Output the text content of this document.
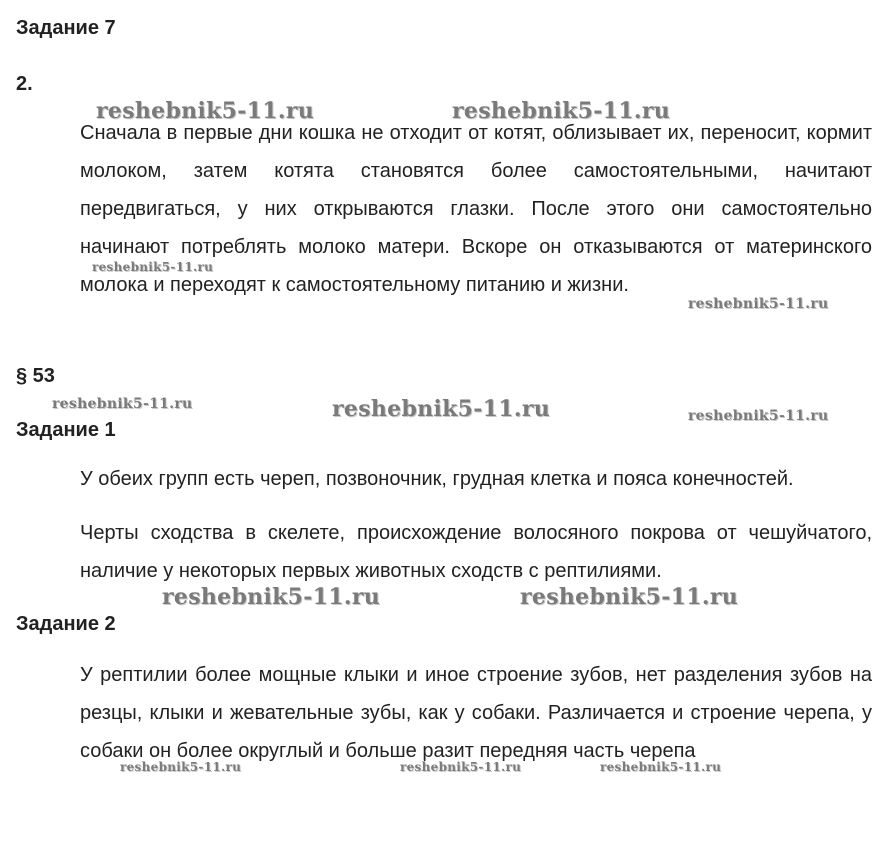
Задание 7
2.
§ 53
Задание 1
Задание 2

Сначала в первые дни кошка не отходит от котят, облизывает их, переносит, кормит молоком, затем котята становятся более самостоятельными, начитают передвигаться, у них открываются глазки. После этого они самостоятельно начинают потреблять молоко матери. Вскоре он отказываются от материнского молока и переходят к самостоятельному питанию и жизни.

У обеих групп есть череп, позвоночник, грудная клетка и пояса конечностей.

Черты сходства в скелете, происхождение волосяного покрова от чешуйчатого, наличие у некоторых первых животных сходств с рептилиями.

У рептилии более мощные клыки и иное строение зубов, нет разделения зубов на резцы, клыки и жевательные зубы, как у собаки. Различается и строение черепа, у собаки он более округлый и больше разит передняя часть черепа

reshebnik5-11.ru	reshebnik5-11.ru
reshebnik5-11.ru
reshebnik5-11.ru
reshebnik5-11.ru	reshebnik5-11.ru	reshebnik5-11.ru
reshebnik5-11.ru	reshebnik5-11.ru
reshebnik5-11.ru	reshebnik5-11.ru	reshebnik5-11.ru
